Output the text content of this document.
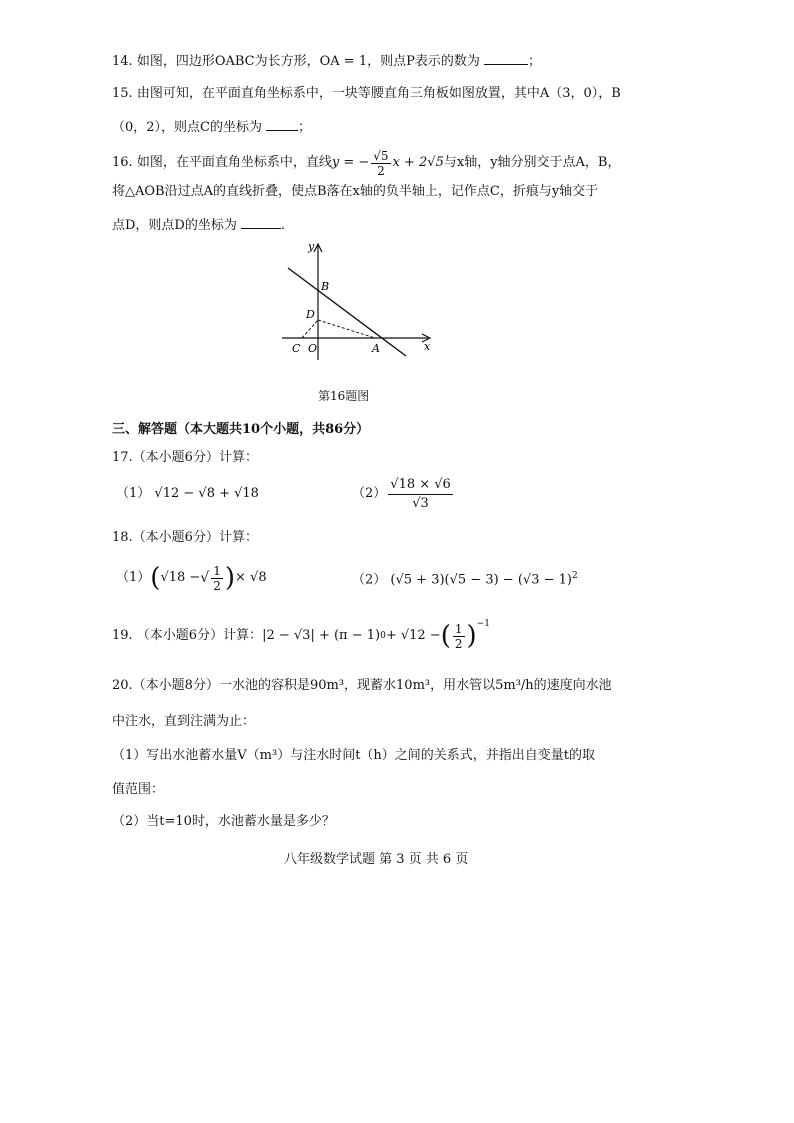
14. 如图，四边形OABC为长方形，OA = 1，则点P表示的数为	；
15. 由图可知，在平面直角坐标系中，一块等腰直角三角板如图放置，其中A（3，0），B
（0，2），则点C的坐标为	；
16.
如图，在平面直角坐标系中，直线 y = − $\frac{√5}{2}$ x + 2√5 与x轴，y轴分别交于点A，B，
将△AOB沿过点A的直线折叠，使点B落在x轴的负半轴上，记作点C，折痕与y轴交于
点D，则点D的坐标为	.
y
x
B
D
C O	A
第16题图
三、解答题（本大题共10个小题，共86分）
17.（本小题6分）计算：
（1） √12 − √8 + √18	$(2) \frac{√18 \times √6}{√3}$
18.（本小题6分）计算：
（1） ( √18 − √ $\frac{1}{2}$ ) × √8	（2） $(√5 + 3)(√5 - 3) - (√3 - 1)^2$
19. （本小题6分）计算： |2 − √3| + (π − 1) 0 + √12 − ( $\frac{1}{2} )^{-1}$
20.（本小题8分）一水池的容积是90m³，现蓄水10m³，用水管以5m³/h的速度向水池
中注水，直到注满为止：
（1）写出水池蓄水量V（m³）与注水时间t（h）之间的关系式，并指出自变量t的取
值范围：
（2）当t=10时，水池蓄水量是多少？
八年级数学试题 第 3 页 共 6 页
